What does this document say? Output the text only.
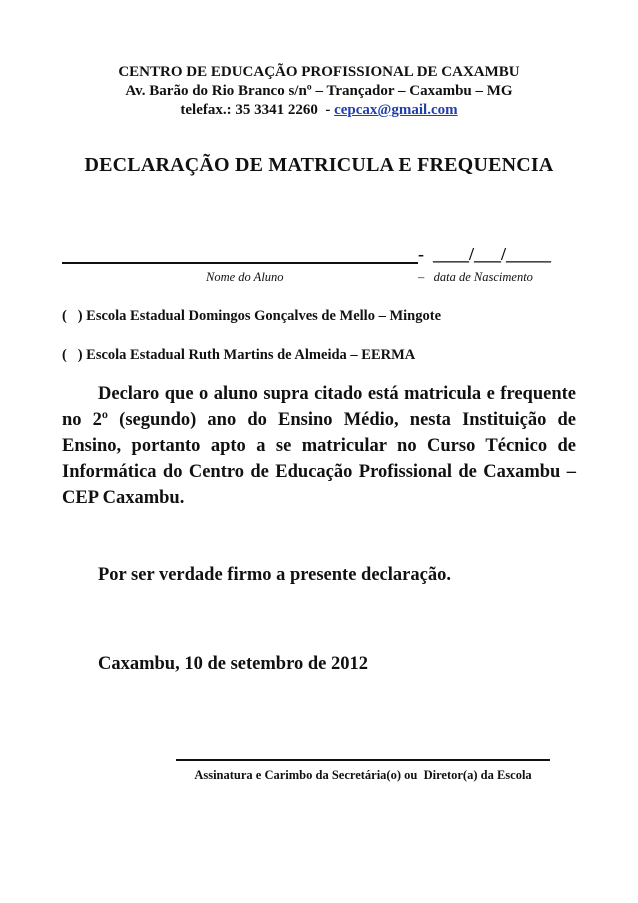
CENTRO DE EDUCAÇÃO PROFISSIONAL DE CAXAMBU
Av. Barão do Rio Branco s/nº – Trançador – Caxambu – MG
telefax.: 35 3341 2260  - cepcax@gmail.com
DECLARAÇÃO DE MATRICULA E FREQUENCIA
-  ____/___/_____
Nome do Aluno	–   data de Nascimento
(   ) Escola Estadual Domingos Gonçalves de Mello – Mingote
(   ) Escola Estadual Ruth Martins de Almeida – EERMA
Declaro que o aluno supra citado está matricula e frequente no 2º (segundo) ano do Ensino Médio, nesta Instituição de Ensino, portanto apto a se matricular no Curso Técnico de Informática do Centro de Educação Profissional de Caxambu – CEP Caxambu.
Por ser verdade firmo a presente declaração.
Caxambu, 10 de setembro de 2012
Assinatura e Carimbo da Secretária(o) ou  Diretor(a) da Escola
